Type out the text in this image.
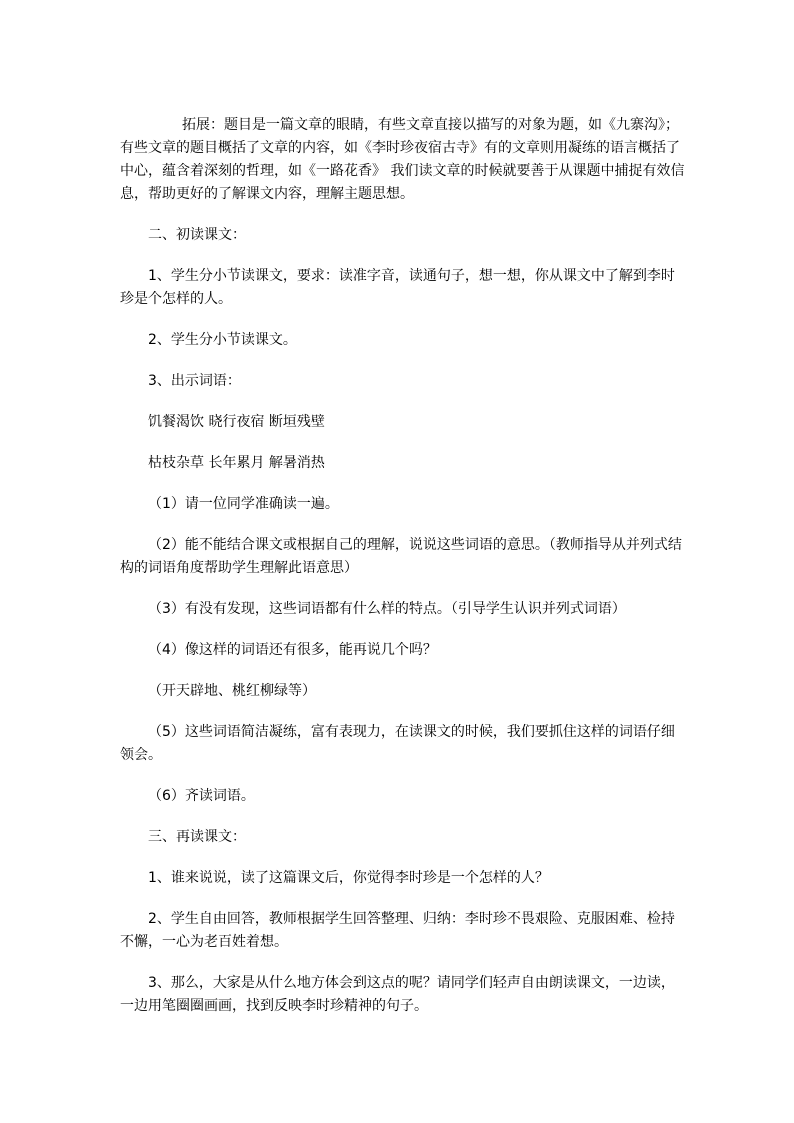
拓展：题目是一篇文章的眼睛，有些文章直接以描写的对象为题，如《九寨沟》；有些文章的题目概括了文章的内容，如《李时珍夜宿古寺》有的文章则用凝练的语言概括了中心，蕴含着深刻的哲理，如《一路花香》 我们读文章的时候就要善于从课题中捕捉有效信息，帮助更好的了解课文内容，理解主题思想。

二、初读课文：

1、学生分小节读课文，要求：读准字音，读通句子，想一想，你从课文中了解到李时珍是个怎样的人。

2、学生分小节读课文。

3、出示词语：

饥餐渴饮 晓行夜宿 断垣残壁

枯枝杂草 长年累月 解暑消热

（1）请一位同学准确读一遍。

（2）能不能结合课文或根据自己的理解，说说这些词语的意思。（教师指导从并列式结构的词语角度帮助学生理解此语意思）

（3）有没有发现，这些词语都有什么样的特点。（引导学生认识并列式词语）

（4）像这样的词语还有很多，能再说几个吗？

（开天辟地、桃红柳绿等）

（5）这些词语简洁凝练，富有表现力，在读课文的时候，我们要抓住这样的词语仔细领会。

（6）齐读词语。

三、再读课文：

1、谁来说说，读了这篇课文后，你觉得李时珍是一个怎样的人？

2、学生自由回答，教师根据学生回答整理、归纳：李时珍不畏艰险、克服困难、检持不懈，一心为老百姓着想。

3、那么，大家是从什么地方体会到这点的呢？请同学们轻声自由朗读课文，一边读，一边用笔圈圈画画，找到反映李时珍精神的句子。
